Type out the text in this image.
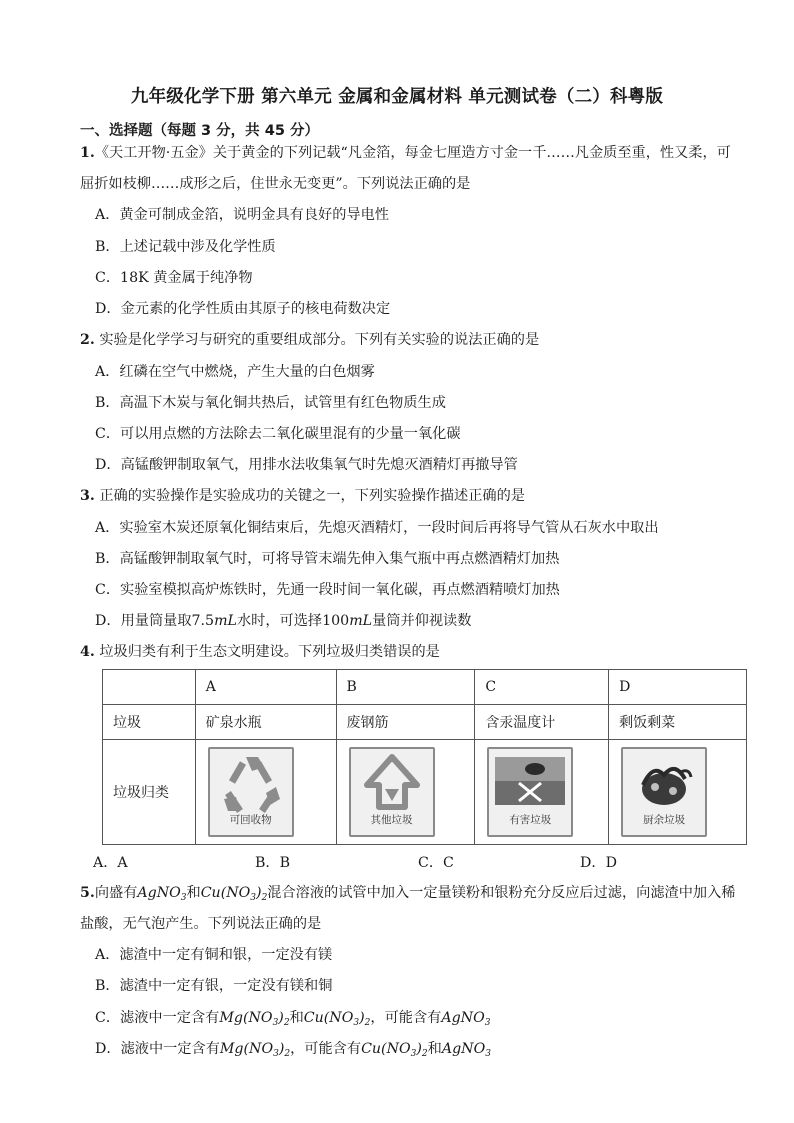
九年级化学下册 第六单元 金属和金属材料 单元测试卷（二）科粤版
一、选择题（每题 3 分，共 45 分）
1.《天工开物·五金》关于黄金的下列记载“凡金箔，每金七厘造方寸金一千……凡金质至重，性又柔，可
屈折如枝柳……成形之后，住世永无变更”。下列说法正确的是
A．黄金可制成金箔，说明金具有良好的导电性
B．上述记载中涉及化学性质
C．18K 黄金属于纯净物
D．金元素的化学性质由其原子的核电荷数决定
2. 实验是化学学习与研究的重要组成部分。下列有关实验的说法正确的是
A．红磷在空气中燃烧，产生大量的白色烟雾
B．高温下木炭与氧化铜共热后，试管里有红色物质生成
C．可以用点燃的方法除去二氧化碳里混有的少量一氧化碳
D．高锰酸钾制取氧气，用排水法收集氧气时先熄灭酒精灯再撤导管
3. 正确的实验操作是实验成功的关键之一，下列实验操作描述正确的是
A．实验室木炭还原氧化铜结束后，先熄灭酒精灯，一段时间后再将导气管从石灰水中取出
B．高锰酸钾制取氧气时，可将导管末端先伸入集气瓶中再点燃酒精灯加热
C．实验室模拟高炉炼铁时，先通一段时间一氧化碳，再点燃酒精喷灯加热
D．用量筒量取7.5mL水时，可选择100mL量筒并仰视读数
4. 垃圾归类有利于生态文明建设。下列垃圾归类错误的是
	A	B	C	D
垃圾	矿泉水瓶	废钢筋	含汞温度计	剩饭剩菜
垃圾归类	可回收物	其他垃圾	有害垃圾	厨余垃圾
A．A	B．B	C．C	D．D
5.向盛有AgNO$_3$和$Cu(NO_3)_2$混合溶液的试管中加入一定量镁粉和银粉充分反应后过滤，向滤渣中加入稀
盐酸，无气泡产生。下列说法正确的是
A．滤渣中一定有铜和银，一定没有镁
B．滤渣中一定有银，一定没有镁和铜
C．滤液中一定含有$Mg(NO_3)_2$和$Cu(NO_3)_2$，可能含有AgNO$_3$
D．滤液中一定含有$Mg(NO_3)_2$，可能含有$Cu(NO_3)_2$和AgNO$_3$
